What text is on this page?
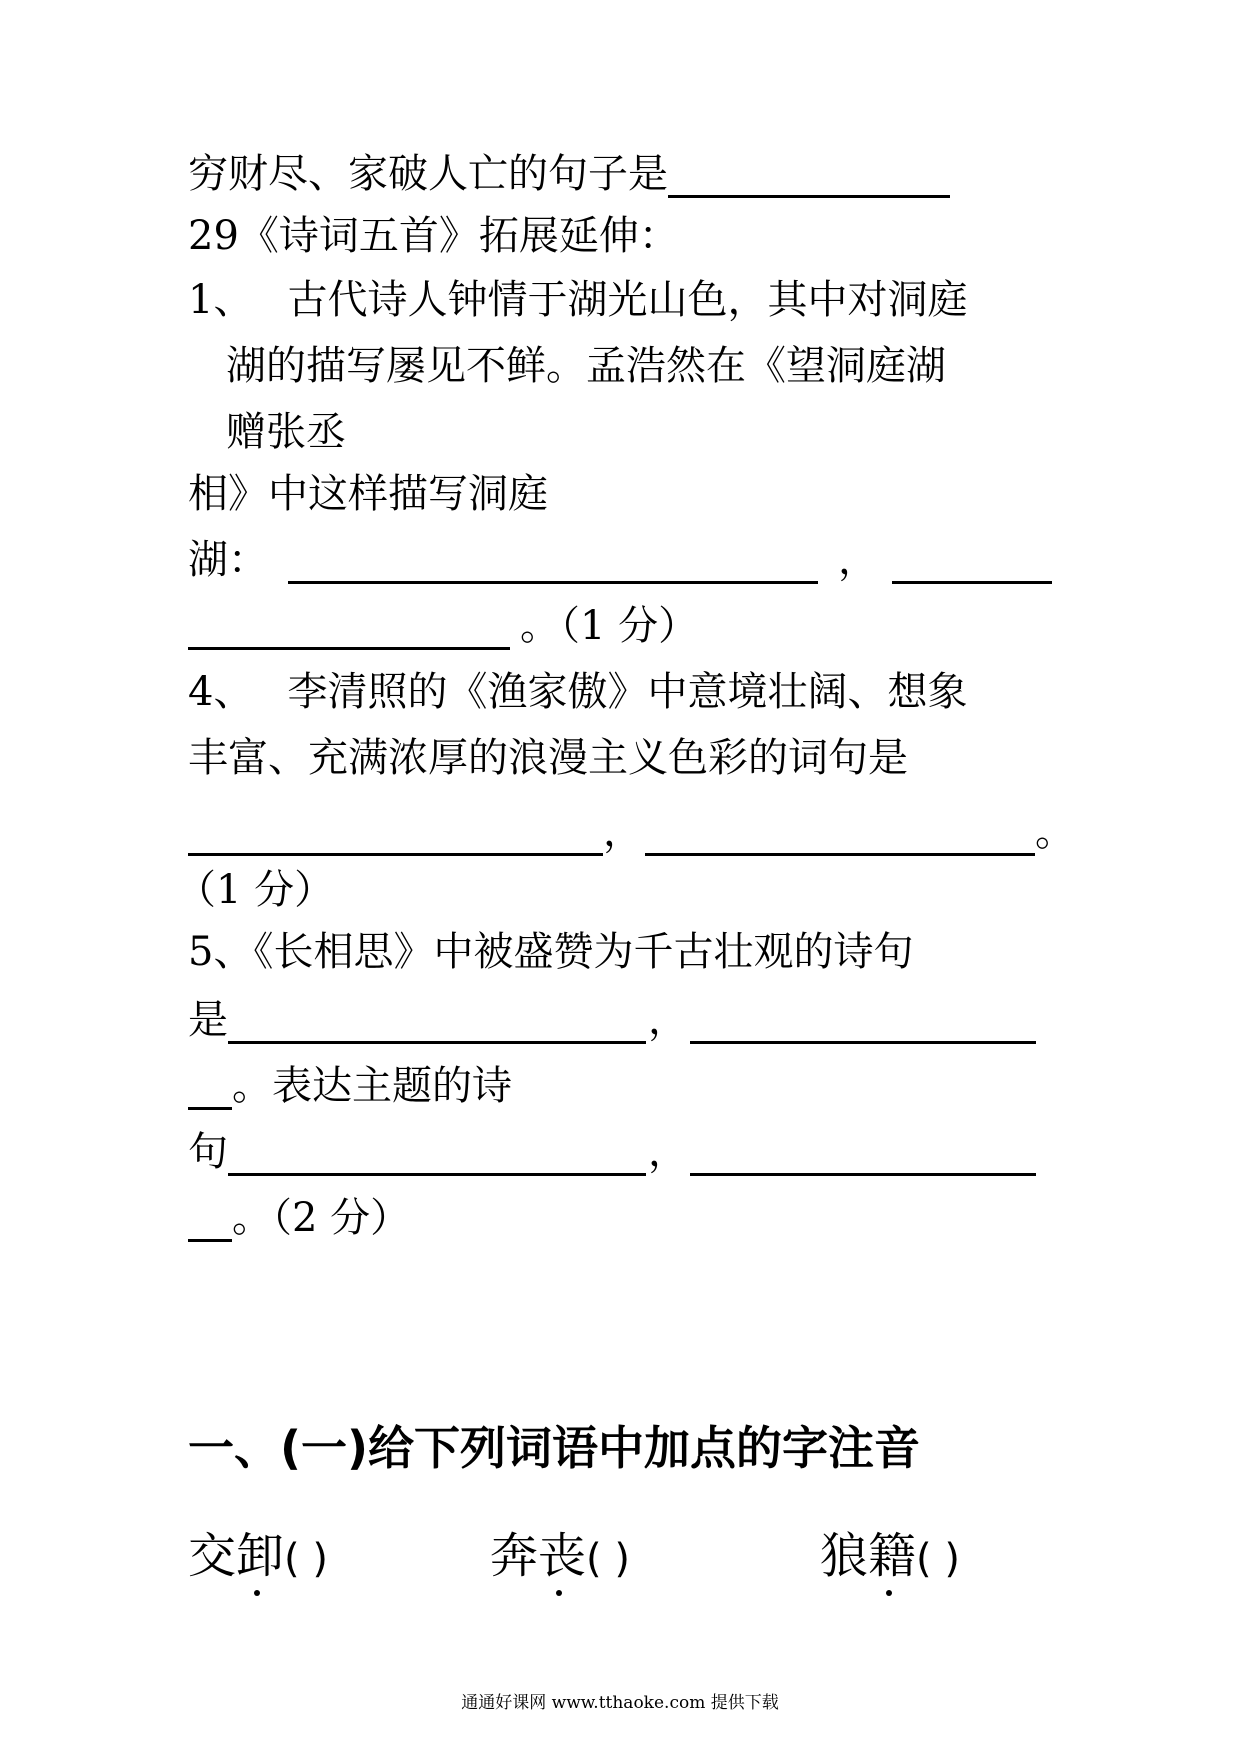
穷财尽、家破人亡的句子是
29《诗词五首》拓展延伸：
1、 古代诗人钟情于湖光山色，其中对洞庭
湖的描写屡见不鲜。孟浩然在《望洞庭湖
赠张丞
相》中这样描写洞庭
湖：	，
。（1 分）
4、 李清照的《渔家傲》中意境壮阔、想象
丰富、充满浓厚的浪漫主义色彩的词句是
，	。
（1 分）
5、《长相思》中被盛赞为千古壮观的诗句
是	，
。表达主题的诗
句	，
。（2 分）
一、(一)给下列词语中加点的字注音
交卸
( )	奔丧
( )	狼籍
( )
通通好课网 www.tthaoke.com 提供下载
